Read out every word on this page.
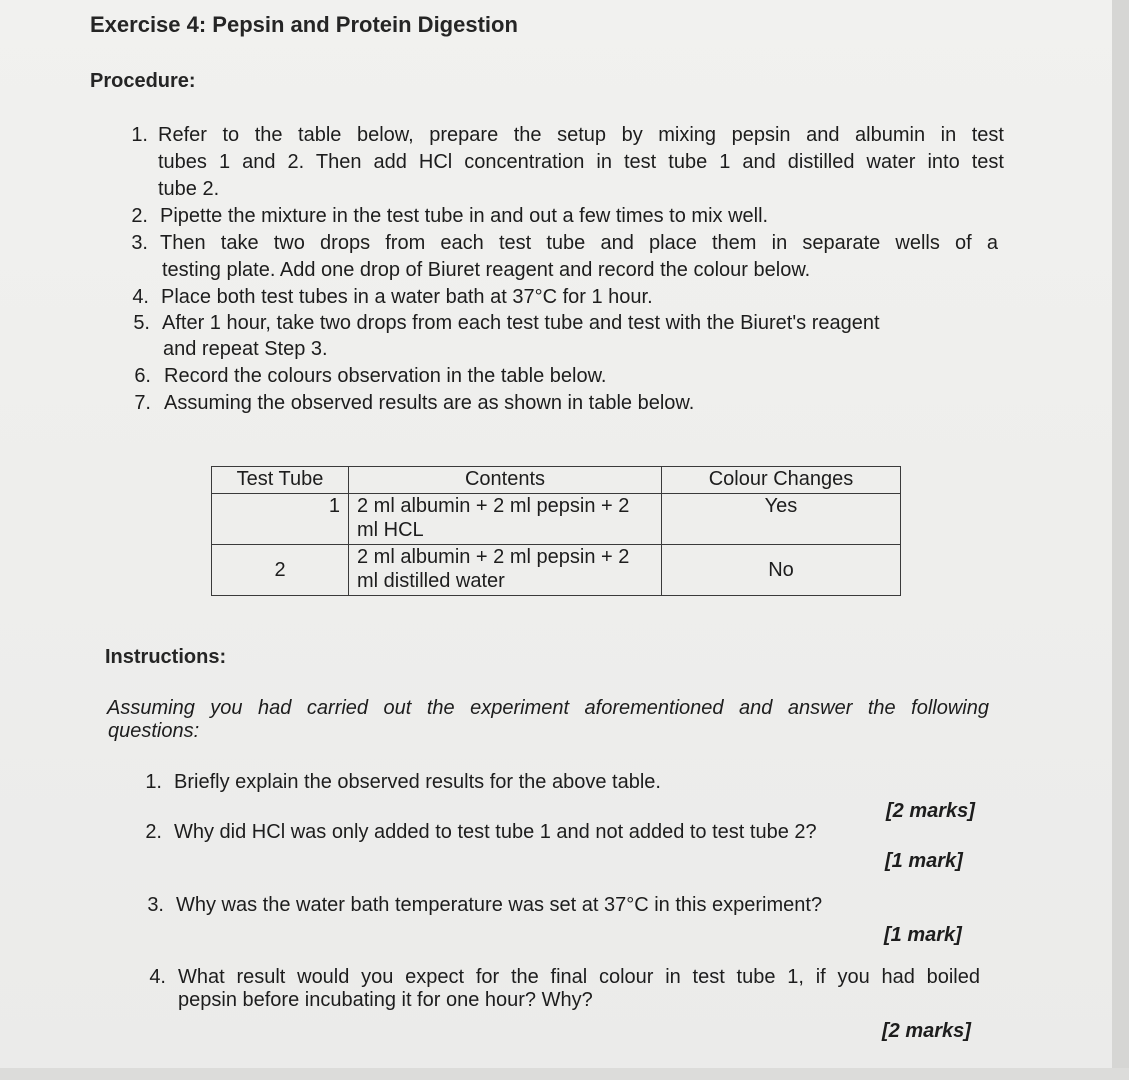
Exercise 4: Pepsin and Protein Digestion
Procedure:
1. Refer to the table below, prepare the setup by mixing pepsin and albumin in test
tubes 1 and 2. Then add HCl concentration in test tube 1 and distilled water into test
tube 2.
2. Pipette the mixture in the test tube in and out a few times to mix well.
3. Then take two drops from each test tube and place them in separate wells of a
testing plate. Add one drop of Biuret reagent and record the colour below.
4. Place both test tubes in a water bath at 37°C for 1 hour.
5. After 1 hour, take two drops from each test tube and test with the Biuret's reagent
and repeat Step 3.
6. Record the colours observation in the table below.
7. Assuming the observed results are as shown in table below.
Test Tube	Contents	Colour Changes
1	2 ml albumin + 2 ml pepsin + 2
ml HCL	Yes
2	2 ml albumin + 2 ml pepsin + 2
ml distilled water	No
Instructions:
Assuming you had carried out the experiment aforementioned and answer the following
questions:
1. Briefly explain the observed results for the above table.
[2 marks]
2. Why did HCl was only added to test tube 1 and not added to test tube 2?
[1 mark]
3. Why was the water bath temperature was set at 37°C in this experiment?
[1 mark]
4. What result would you expect for the final colour in test tube 1, if you had boiled
pepsin before incubating it for one hour? Why?
[2 marks]
